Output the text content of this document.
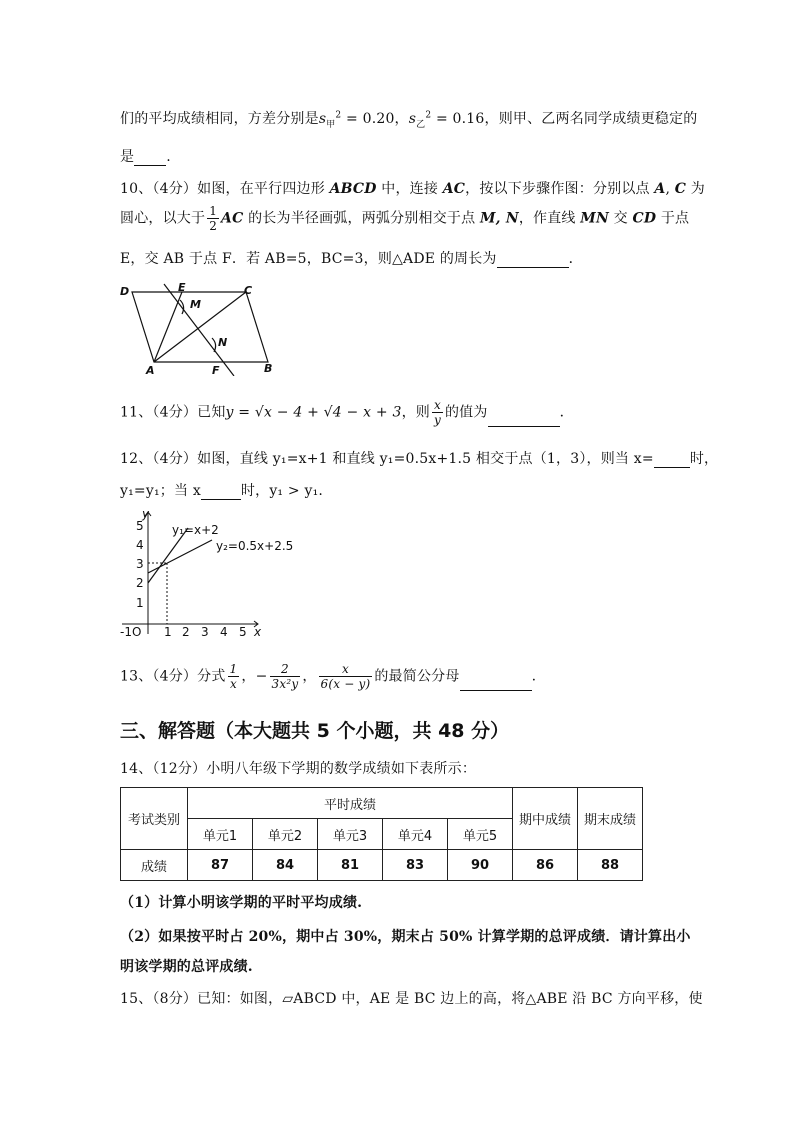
们的平均成绩相同，方差分别是$s_甲^2 = 0.20$，$s_乙^2 = 0.16$，则甲、乙两名同学成绩更稳定的
是 .
10、（4分）如图，在平行四边形 ABCD 中，连接 AC，按以下步骤作图：分别以点 A, C 为
圆心，以大于 $\frac{1}{2}$ AC 的长为半径画弧，两弧分别相交于点 M, N，作直线 MN 交 CD 于点
E，交 AB 于点 F．若 AB=5，BC=3，则△ADE 的周长为	．
D	E	C
M
N
A	F	B
11、（4分）已知y = √x − 4 + √4 − x + 3，则 $\frac{x}{y}$ 的值为	．
12、（4分）如图，直线 y₁=x+1 和直线 y₁=0.5x+1.5 相交于点（1，3），则当 x=	时，
y₁=y₁；当 x	时，y₁ > y₁.
y
x
-1O 1 2 3 4 5
1
2
3
4
5 y₁=x+2
y₂=0.5x+2.5
13、（4分）分式 $\frac{1}{x}$ ，− $\frac{2}{\text{3x²y}}$ ， $\frac{x}{6(x - y)}$ 的最简公分母	.
三、解答题（本大题共 5 个小题，共 48 分）
14、（12分）小明八年级下学期的数学成绩如下表所示：
考试类别	平时成绩					期中成绩	期末成绩
	单元1	单元2	单元3	单元4	单元5		
成绩	87	84	81	83	90	86	88
（1）计算小明该学期的平时平均成绩.
（2）如果按平时占 20%，期中占 30%，期末占 50% 计算学期的总评成绩．请计算出小
明该学期的总评成绩.
15、（8分）已知：如图，▱ABCD 中，AE 是 BC 边上的高，将△ABE 沿 BC 方向平移，使
